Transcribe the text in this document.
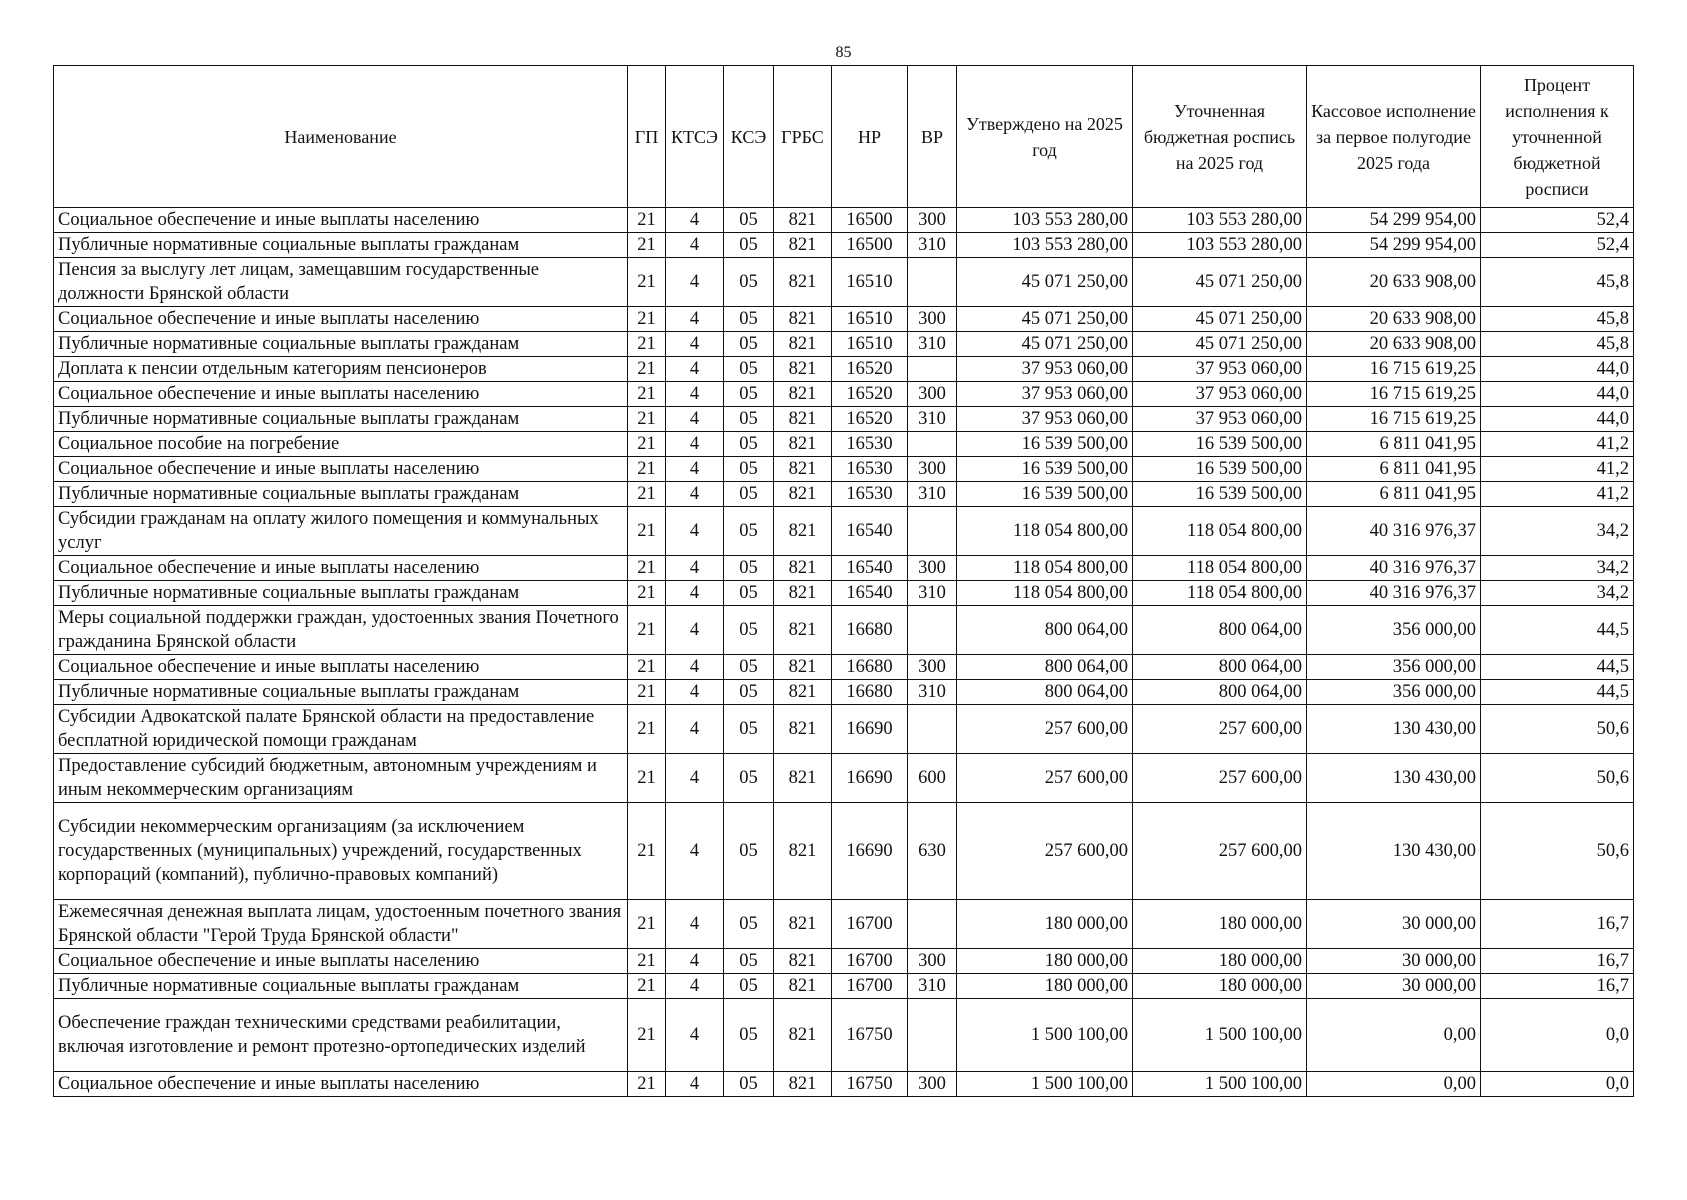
85
Наименование	ГП	КТСЭ	КСЭ	ГРБС	НР	ВР	Утверждено на 2025 год	Уточненная бюджетная роспись на 2025 год	Кассовое исполнение за первое полугодие 2025 года	Процент исполнения к уточненной бюджетной росписи
Социальное обеспечение и иные выплаты населению	21	4	05	821	16500	300	103 553 280,00	103 553 280,00	54 299 954,00	52,4
Публичные нормативные социальные выплаты гражданам	21	4	05	821	16500	310	103 553 280,00	103 553 280,00	54 299 954,00	52,4
Пенсия за выслугу лет лицам, замещавшим государственные должности Брянской области	21	4	05	821	16510		45 071 250,00	45 071 250,00	20 633 908,00	45,8
Социальное обеспечение и иные выплаты населению	21	4	05	821	16510	300	45 071 250,00	45 071 250,00	20 633 908,00	45,8
Публичные нормативные социальные выплаты гражданам	21	4	05	821	16510	310	45 071 250,00	45 071 250,00	20 633 908,00	45,8
Доплата к пенсии отдельным категориям пенсионеров	21	4	05	821	16520		37 953 060,00	37 953 060,00	16 715 619,25	44,0
Социальное обеспечение и иные выплаты населению	21	4	05	821	16520	300	37 953 060,00	37 953 060,00	16 715 619,25	44,0
Публичные нормативные социальные выплаты гражданам	21	4	05	821	16520	310	37 953 060,00	37 953 060,00	16 715 619,25	44,0
Социальное пособие на погребение	21	4	05	821	16530		16 539 500,00	16 539 500,00	6 811 041,95	41,2
Социальное обеспечение и иные выплаты населению	21	4	05	821	16530	300	16 539 500,00	16 539 500,00	6 811 041,95	41,2
Публичные нормативные социальные выплаты гражданам	21	4	05	821	16530	310	16 539 500,00	16 539 500,00	6 811 041,95	41,2
Субсидии гражданам на оплату жилого помещения и коммунальных услуг	21	4	05	821	16540		118 054 800,00	118 054 800,00	40 316 976,37	34,2
Социальное обеспечение и иные выплаты населению	21	4	05	821	16540	300	118 054 800,00	118 054 800,00	40 316 976,37	34,2
Публичные нормативные социальные выплаты гражданам	21	4	05	821	16540	310	118 054 800,00	118 054 800,00	40 316 976,37	34,2
Меры социальной поддержки граждан, удостоенных звания Почетного гражданина Брянской области	21	4	05	821	16680		800 064,00	800 064,00	356 000,00	44,5
Социальное обеспечение и иные выплаты населению	21	4	05	821	16680	300	800 064,00	800 064,00	356 000,00	44,5
Публичные нормативные социальные выплаты гражданам	21	4	05	821	16680	310	800 064,00	800 064,00	356 000,00	44,5
Субсидии Адвокатской палате Брянской области на предоставление бесплатной юридической помощи гражданам	21	4	05	821	16690		257 600,00	257 600,00	130 430,00	50,6
Предоставление субсидий бюджетным, автономным учреждениям и иным некоммерческим организациям	21	4	05	821	16690	600	257 600,00	257 600,00	130 430,00	50,6
Субсидии некоммерческим организациям (за исключением государственных (муниципальных) учреждений, государственных корпораций (компаний), публично-правовых компаний)	21	4	05	821	16690	630	257 600,00	257 600,00	130 430,00	50,6
Ежемесячная денежная выплата лицам, удостоенным почетного звания Брянской области "Герой Труда Брянской области"	21	4	05	821	16700		180 000,00	180 000,00	30 000,00	16,7
Социальное обеспечение и иные выплаты населению	21	4	05	821	16700	300	180 000,00	180 000,00	30 000,00	16,7
Публичные нормативные социальные выплаты гражданам	21	4	05	821	16700	310	180 000,00	180 000,00	30 000,00	16,7
Обеспечение граждан техническими средствами реабилитации, включая изготовление и ремонт протезно-ортопедических изделий	21	4	05	821	16750		1 500 100,00	1 500 100,00	0,00	0,0
Социальное обеспечение и иные выплаты населению	21	4	05	821	16750	300	1 500 100,00	1 500 100,00	0,00	0,0
